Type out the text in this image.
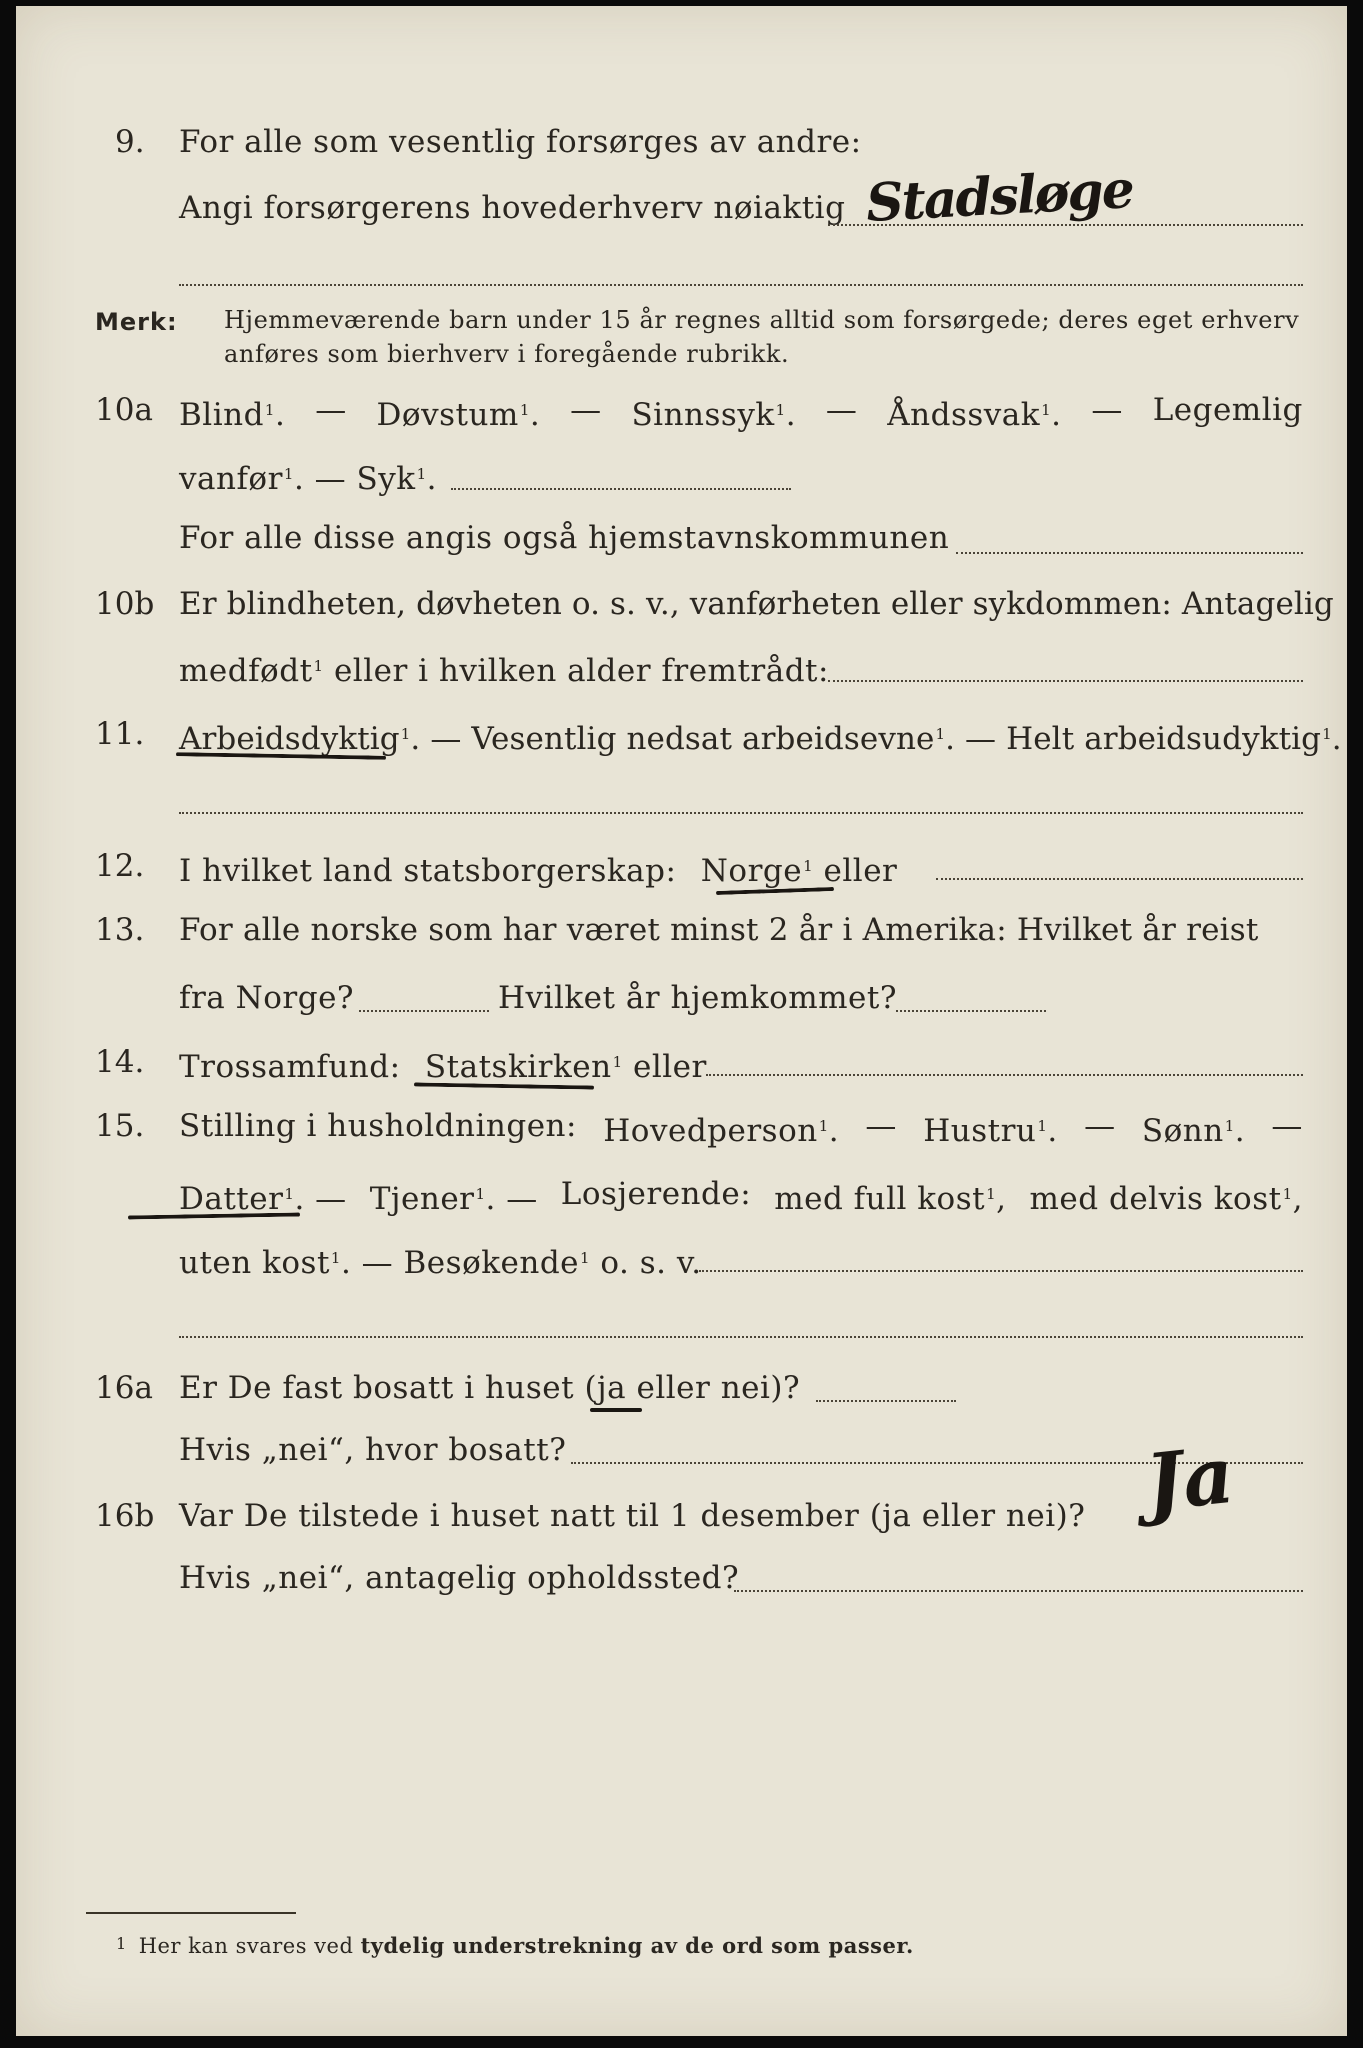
9. For alle som vesentlig forsørges av andre:
Angi forsørgerens hovederhverv nøiaktig Stadsløge
Merk: Hjemmeværende barn under 15 år regnes alltid som forsørgede; deres eget erhverv
anføres som bierhverv i foregående rubrikk.
10a Blind$^1$. — Døvstum$^1$. — Sinnssyk$^1$. — Åndssvak$^1$. — Legemlig
vanfør$^1$. — Syk$^1$.
For alle disse angis også hjemstavnskommunen
10b Er blindheten, døvheten o. s. v., vanførheten eller sykdommen: Antagelig
medfødt$^1$ eller i hvilken alder fremtrådt:
11. Arbeidsdyktig$^1$. — Vesentlig nedsat arbeidsevne$^1$. — Helt arbeidsudyktig$^1$.
12. I hvilket land statsborgerskap: Norge$^1$ eller
13. For alle norske som har været minst 2 år i Amerika: Hvilket år reist
fra Norge?	Hvilket år hjemkommet?
14. Trossamfund: Statskirken$^1$ eller
15. Stilling i husholdningen: Hovedperson$^1$. — Hustru$^1$. — Sønn$^1$. —
Datter$^1$. — Tjener$^1$. — Losjerende: med full kost$^1$, med delvis kost$^1$,
uten kost$^1$. — Besøkende$^1$ o. s. v.
16a Er De fast bosatt i huset (ja eller nei)?
Hvis „nei“, hvor bosatt?
16b Var De tilstede i huset natt til 1 desember (ja eller nei)? Ja
Hvis „nei“, antagelig opholdssted?
1 Her kan svares ved tydelig understrekning av de ord som passer.
